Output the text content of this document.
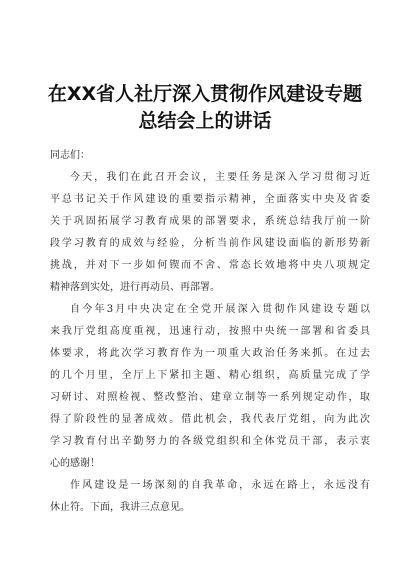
在XX省人社厅深入贯彻作风建设专题
总结会上的讲话
同志们：
今天，我们在此召开会议，主要任务是深入学习贯彻习近
平总书记关于作风建设的重要指示精神，全面落实中央及省委
关于巩固拓展学习教育成果的部署要求，系统总结我厅前一阶
段学习教育的成效与经验，分析当前作风建设面临的新形势新
挑战，并对下一步如何锲而不舍、常态长效地将中央八项规定
精神落到实处，进行再动员、再部署。
自今年3月中央决定在全党开展深入贯彻作风建设专题以
来我厅党组高度重视，迅速行动，按照中央统一部署和省委具
体要求，将此次学习教育作为一项重大政治任务来抓。在过去
的几个月里，全厅上下紧扣主题、精心组织，高质量完成了学
习研讨、对照检视、整改整治、建章立制等一系列规定动作，取
得了阶段性的显著成效。借此机会，我代表厅党组，向为此次
学习教育付出辛勤努力的各级党组织和全体党员干部，表示衷
心的感谢！
作风建设是一场深刻的自我革命，永远在路上，永远没有
休止符。下面，我讲三点意见。
